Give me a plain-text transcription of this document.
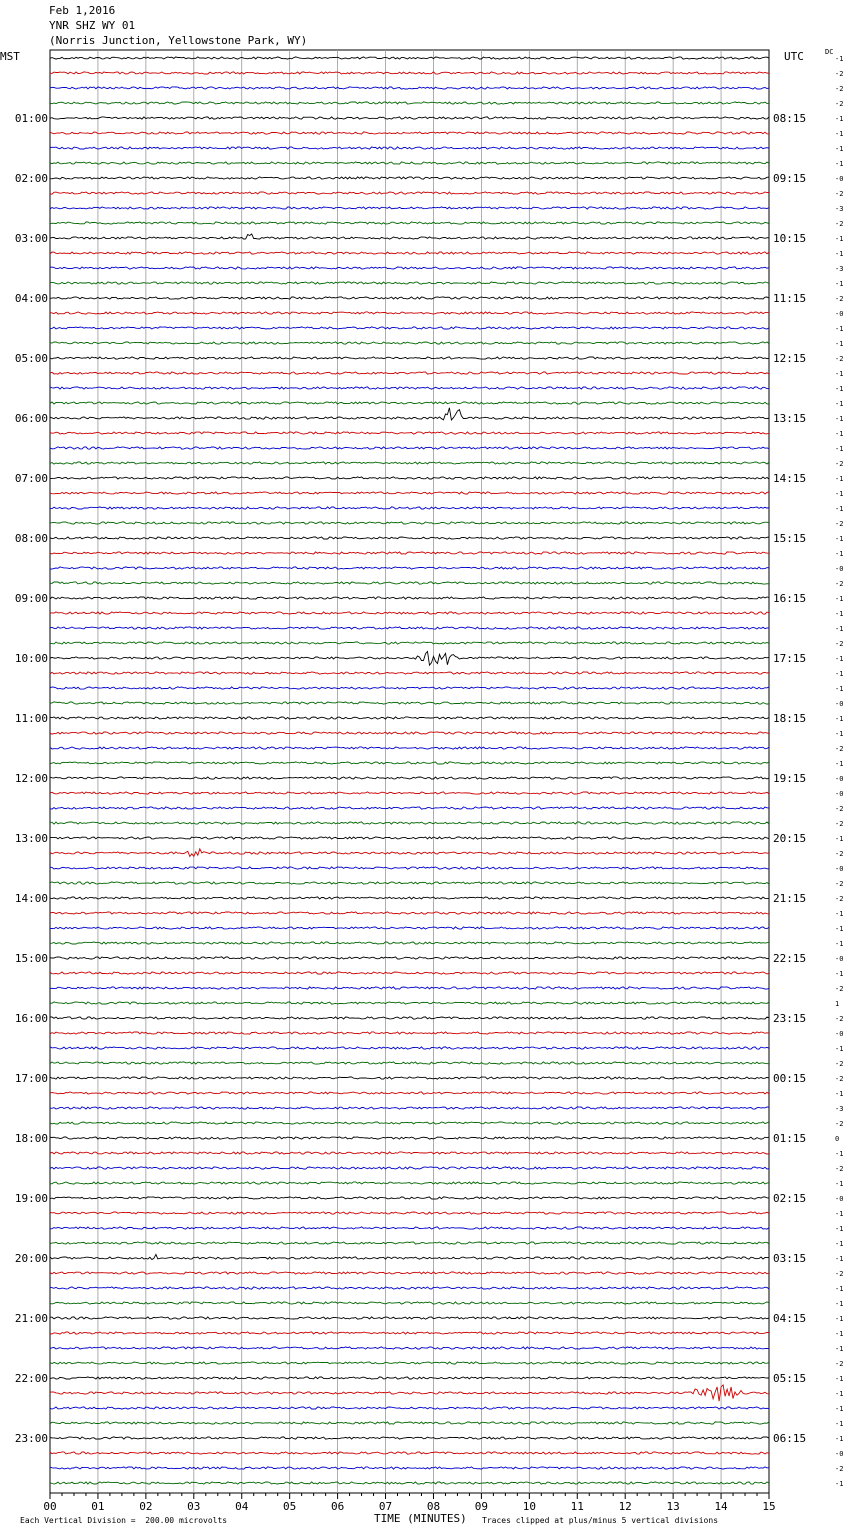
Feb 1,2016
YNR SHZ WY 01
(Norris Junction, Yellowstone Park, WY)
MST	UTC	DC
-1
-2
-2
-2
-1
-1
-1
-1
-0
-2
-3
-2
-1
-1
-3
-1
-2
-0
-1
-1
-2
-1
-1
-1
-1
-1
-1
-2
-1
-1
-1
-2
-1
-1
-0
-2
-1
-1
-1
-2
-1
-1
-1
-0
-1
-1
-2
-1
-0
-0
-2
-2
-1
-2
-0
-2
-2
-1
-1
-1
-0
-1
-2
1
-2
-0
-1
-2
-2
-1
-3
-2
0
-1
-2
-1
-0
-1
-1
-1
-1
-2
-1
-1
-1
-1
-1
-2
-1
-1
-1
-1
-1
-0
-2
-1
01:00	08:15
02:00	09:15
03:00	10:15
04:00	11:15
05:00	12:15
06:00	13:15
07:00	14:15
08:00	15:15
09:00	16:15
10:00	17:15
11:00	18:15
12:00	19:15
13:00	20:15
14:00	21:15
15:00	22:15
16:00	23:15
17:00	00:15
18:00	01:15
19:00	02:15
20:00	03:15
21:00	04:15
22:00	05:15
23:00	06:15
00	01	02	03	04	05	06	07	08	09	10	11	12	13	14	15
Each Vertical Division =  200.00 microvolts	TIME (MINUTES) Traces clipped at plus/minus 5 vertical divisions
